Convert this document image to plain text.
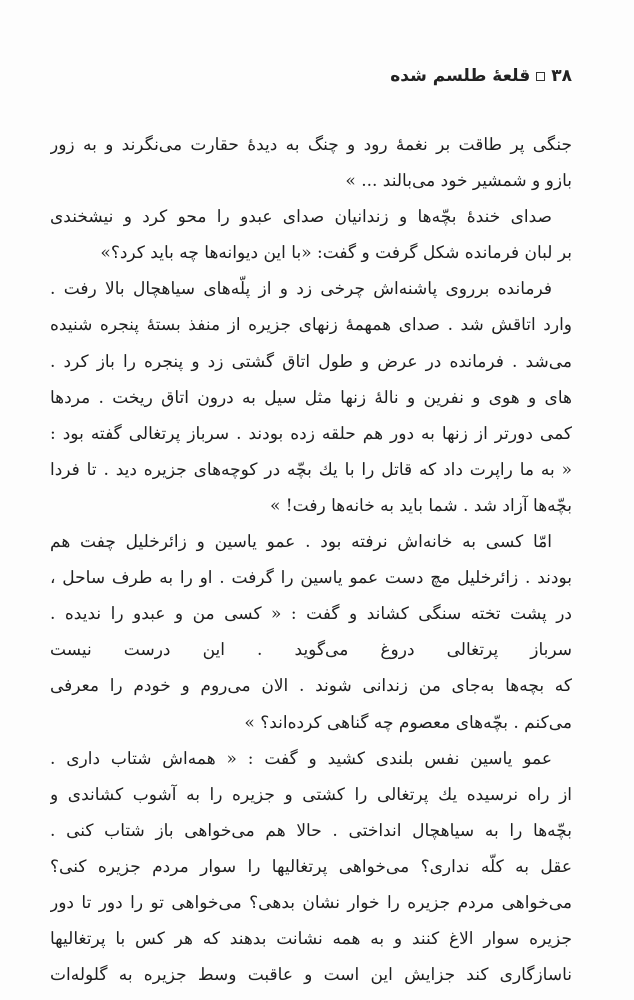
۳۸
قلعهٔ طلسم شده
جنگی پر طاقت بر نغمهٔ رود و چنگ به دیدهٔ حقارت می‌نگرند و به زور
بازو و شمشیر خود می‌بالند ... »
صدای خندهٔ بچّه‌ها و زندانیان صدای عبدو را محو کرد و نیشخندی
بر لبان فرمانده شکل گرفت و گفت: «با این دیوانه‌ها چه باید کرد؟»
فرمانده برروی پاشنه‌اش چرخی زد و از پلّه‌های سیاهچال بالا رفت .
وارد اتاقش شد . صدای همهمهٔ زنهای جزیره از منفذ بستهٔ پنجره شنیده
می‌شد . فرمانده در عرض و طول اتاق گشتی زد و پنجره را باز کرد .
های و هوی و نفرین و نالهٔ زنها مثل سیل به درون اتاق ریخت . مردها
کمی دورتر از زنها به دور هم حلقه زده بودند . سرباز پرتغالی گفته بود :
« به ما راپرت داد که قاتل را با یك بچّه در کوچه‌های جزیره دید . تا فردا
بچّه‌ها آزاد شد . شما باید به خانه‌ها رفت! »
امّا کسی به خانه‌اش نرفته بود . عمو یاسین و زائرخلیل چفت هم
بودند . زائرخلیل مچ دست عمو یاسین را گرفت . او را به طرف ساحل ،
در پشت تخته سنگی کشاند و گفت : « کسی من و عبدو را ندیده .
سرباز پرتغالی دروغ می‌گوید . این درست نیست
که بچه‌ها به‌جای من زندانی شوند . الان می‌روم و خودم را معرفی
می‌کنم . بچّه‌های معصوم چه گناهی کرده‌اند؟ »
عمو یاسین نفس بلندی کشید و گفت : « همه‌اش شتاب داری .
از راه نرسیده یك پرتغالی را کشتی و جزیره را به آشوب کشاندی و
بچّه‌ها را به سیاهچال انداختی . حالا هم می‌خواهی باز شتاب کنی .
عقل به کلّه نداری؟ می‌خواهی پرتغالیها را سوار مردم جزیره کنی؟
می‌خواهی مردم جزیره را خوار نشان بدهی؟ می‌خواهی تو را دور تا دور
جزیره سوار الاغ کنند و به همه نشانت بدهند که هر کس با پرتغالیها
ناسازگاری کند جزایش این است و عاقبت وسط جزیره به گلوله‌ات
